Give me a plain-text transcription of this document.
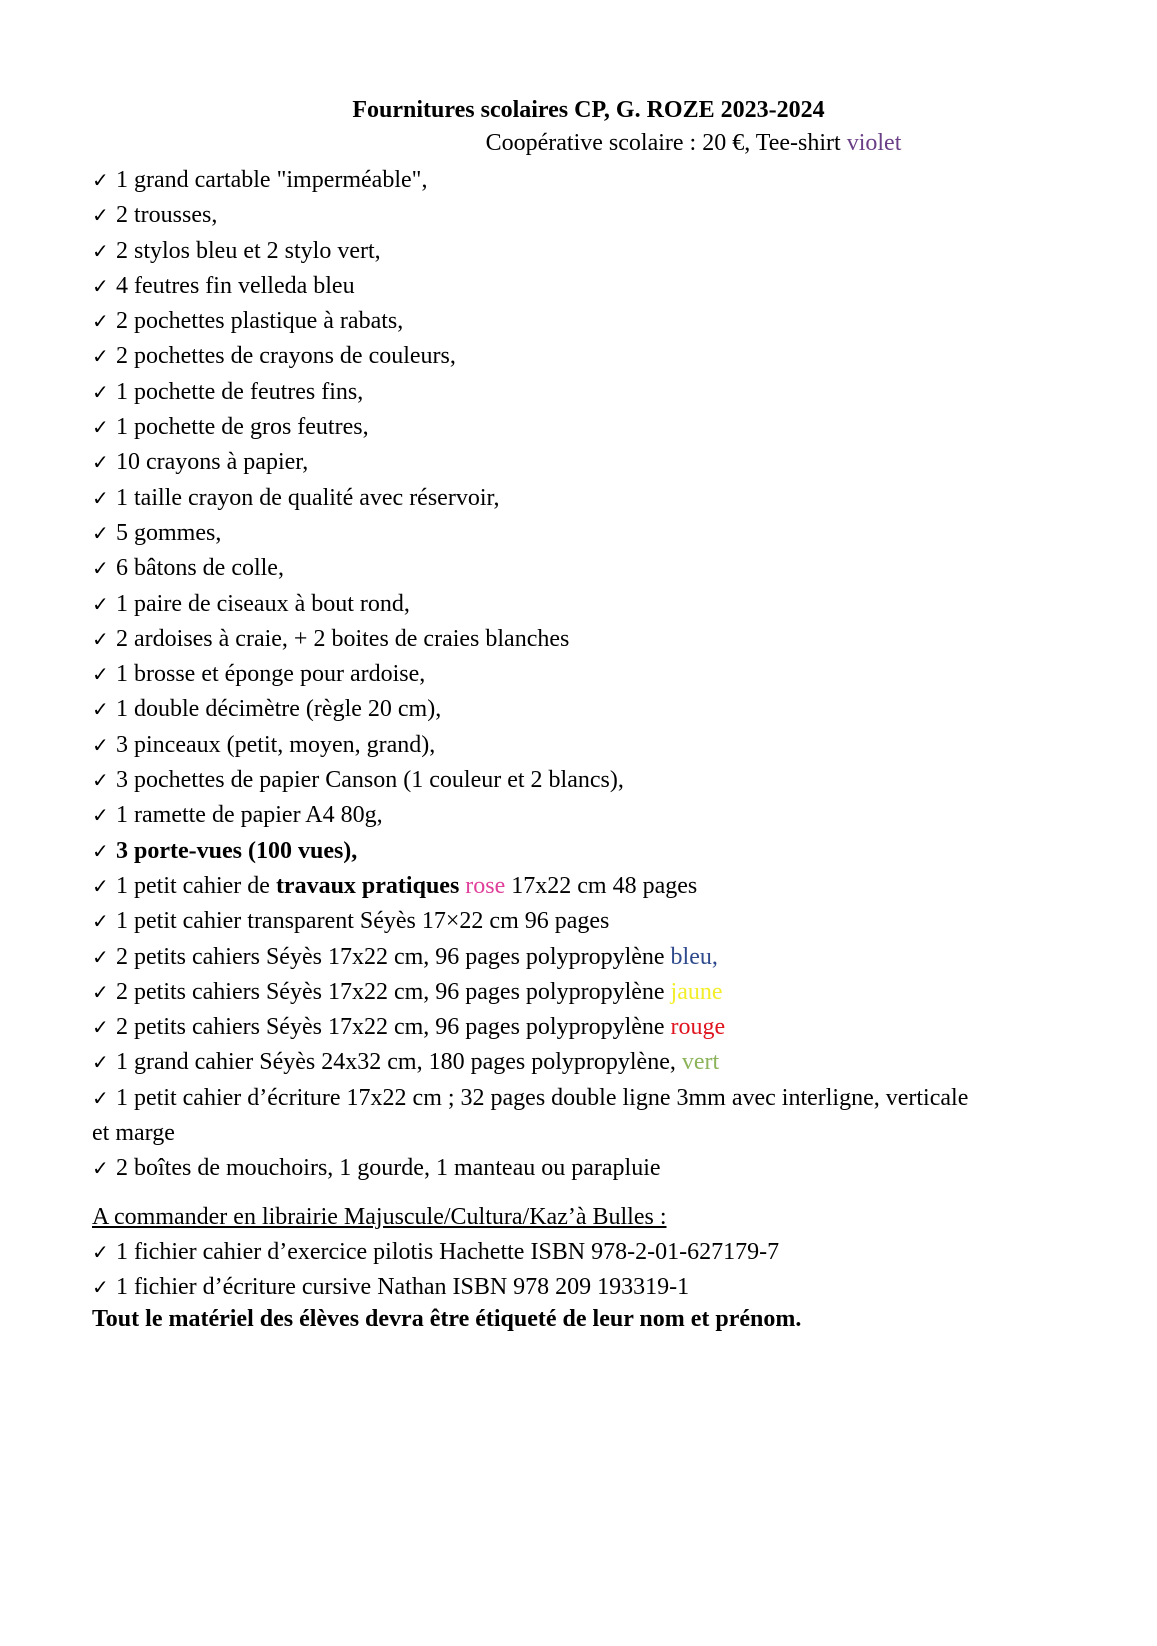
Fournitures scolaires CP, G. ROZE 2023-2024
Coopérative scolaire : 20 €, Tee-shirt violet
✓ 1 grand cartable "imperméable",
✓ 2 trousses,
✓ 2 stylos bleu et 2 stylo vert,
✓ 4 feutres fin velleda bleu
✓ 2 pochettes plastique à rabats,
✓ 2 pochettes de crayons de couleurs,
✓ 1 pochette de feutres fins,
✓ 1 pochette de gros feutres,
✓ 10 crayons à papier,
✓ 1 taille crayon de qualité avec réservoir,
✓ 5 gommes,
✓ 6 bâtons de colle,
✓ 1 paire de ciseaux à bout rond,
✓ 2 ardoises à craie, + 2 boites de craies blanches
✓ 1 brosse et éponge pour ardoise,
✓ 1 double décimètre (règle 20 cm),
✓ 3 pinceaux (petit, moyen, grand),
✓ 3 pochettes de papier Canson (1 couleur et 2 blancs),
✓ 1 ramette de papier A4 80g,
✓ 3 porte-vues (100 vues),
✓ 1 petit cahier de travaux pratiques rose 17x22 cm 48 pages
✓ 1 petit cahier transparent Séyès 17×22 cm 96 pages
✓ 2 petits cahiers Séyès 17x22 cm, 96 pages polypropylène bleu,
✓ 2 petits cahiers Séyès 17x22 cm, 96 pages polypropylène jaune
✓ 2 petits cahiers Séyès 17x22 cm, 96 pages polypropylène rouge
✓ 1 grand cahier Séyès 24x32 cm, 180 pages polypropylène, vert
✓ 1 petit cahier d’écriture 17x22 cm ; 32 pages double ligne 3mm avec interligne, verticale
et marge
✓ 2 boîtes de mouchoirs, 1 gourde, 1 manteau ou parapluie
A commander en librairie Majuscule/Cultura/Kaz’à Bulles :
✓ 1 fichier cahier d’exercice pilotis Hachette ISBN 978-2-01-627179-7
✓ 1 fichier d’écriture cursive Nathan ISBN 978 209 193319-1
Tout le matériel des élèves devra être étiqueté de leur nom et prénom.
